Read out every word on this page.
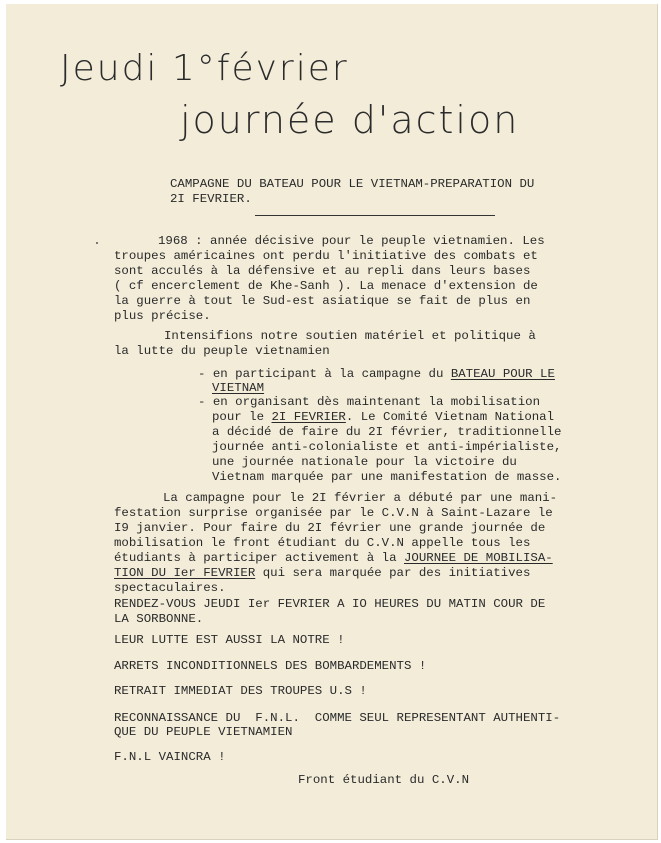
Jeudi 1°février
journée d'action
CAMPAGNE DU BATEAU POUR LE VIETNAM-PREPARATION DU
2I FEVRIER.
1968 : année décisive pour le peuple vietnamien. Les
troupes américaines ont perdu l'initiative des combats et
sont acculés à la défensive et au repli dans leurs bases
( cf encerclement de Khe-Sanh ). La menace d'extension de
la guerre à tout le Sud-est asiatique se fait de plus en
plus précise.
Intensifions notre soutien matériel et politique à
la lutte du peuple vietnamien
- en participant à la campagne du BATEAU POUR LE
VIETNAM
- en organisant dès maintenant la mobilisation
pour le 2I FEVRIER. Le Comité Vietnam National
a décidé de faire du 2I février, traditionnelle
journée anti-colonialiste et anti-impérialiste,
une journée nationale pour la victoire du
Vietnam marquée par une manifestation de masse.
La campagne pour le 2I février a débuté par une mani-
festation surprise organisée par le C.V.N à Saint-Lazare le
I9 janvier. Pour faire du 2I février une grande journée de
mobilisation le front étudiant du C.V.N appelle tous les
étudiants à participer activement à la JOURNEE DE MOBILISA-
TION DU Ier FEVRIER qui sera marquée par des initiatives
spectaculaires.
RENDEZ-VOUS JEUDI Ier FEVRIER A IO HEURES DU MATIN COUR DE
LA SORBONNE.
LEUR LUTTE EST AUSSI LA NOTRE !
ARRETS INCONDITIONNELS DES BOMBARDEMENTS !
RETRAIT IMMEDIAT DES TROUPES U.S !
RECONNAISSANCE DU  F.N.L.  COMME SEUL REPRESENTANT AUTHENTI-
QUE DU PEUPLE VIETNAMIEN
F.N.L VAINCRA !
Front étudiant du C.V.N
